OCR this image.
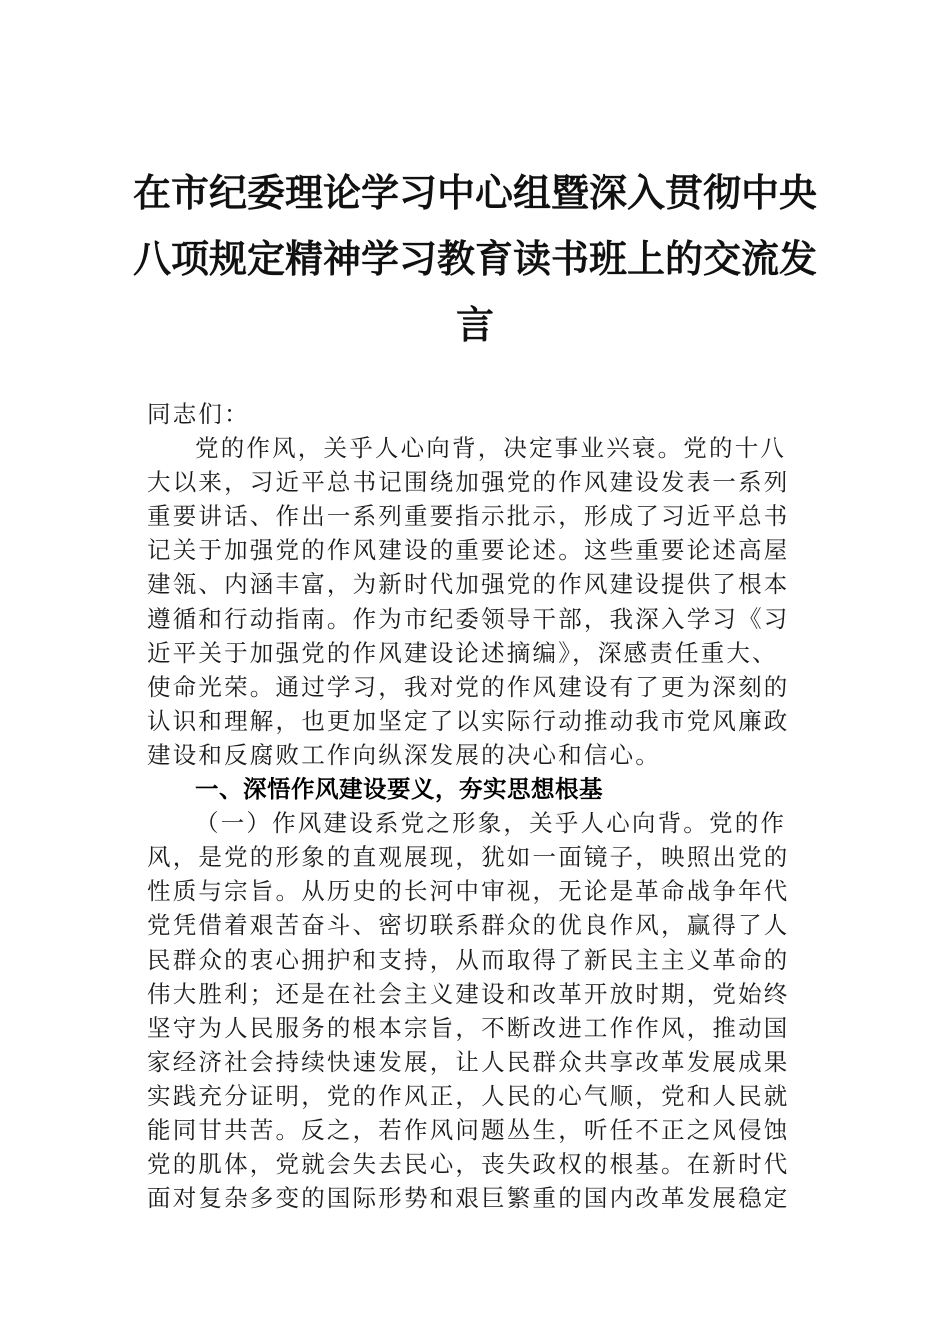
在市纪委理论学习中心组暨深入贯彻中央
八项规定精神学习教育读书班上的交流发
言
同志们：
党的作风，关乎人心向背，决定事业兴衰。党的十八
大以来，习近平总书记围绕加强党的作风建设发表一系列
重要讲话、作出一系列重要指示批示，形成了习近平总书
记关于加强党的作风建设的重要论述。这些重要论述高屋
建瓴、内涵丰富，为新时代加强党的作风建设提供了根本
遵循和行动指南。作为市纪委领导干部，我深入学习《习
近平关于加强党的作风建设论述摘编》，深感责任重大、
使命光荣。通过学习，我对党的作风建设有了更为深刻的
认识和理解，也更加坚定了以实际行动推动我市党风廉政
建设和反腐败工作向纵深发展的决心和信心。
一、深悟作风建设要义，夯实思想根基
（一）作风建设系党之形象，关乎人心向背。党的作
风，是党的形象的直观展现，犹如一面镜子，映照出党的
性质与宗旨。从历史的长河中审视，无论是革命战争年代
党凭借着艰苦奋斗、密切联系群众的优良作风，赢得了人
民群众的衷心拥护和支持，从而取得了新民主主义革命的
伟大胜利；还是在社会主义建设和改革开放时期，党始终
坚守为人民服务的根本宗旨，不断改进工作作风，推动国
家经济社会持续快速发展，让人民群众共享改革发展成果
实践充分证明，党的作风正，人民的心气顺，党和人民就
能同甘共苦。反之，若作风问题丛生，听任不正之风侵蚀
党的肌体，党就会失去民心，丧失政权的根基。在新时代
面对复杂多变的国际形势和艰巨繁重的国内改革发展稳定
